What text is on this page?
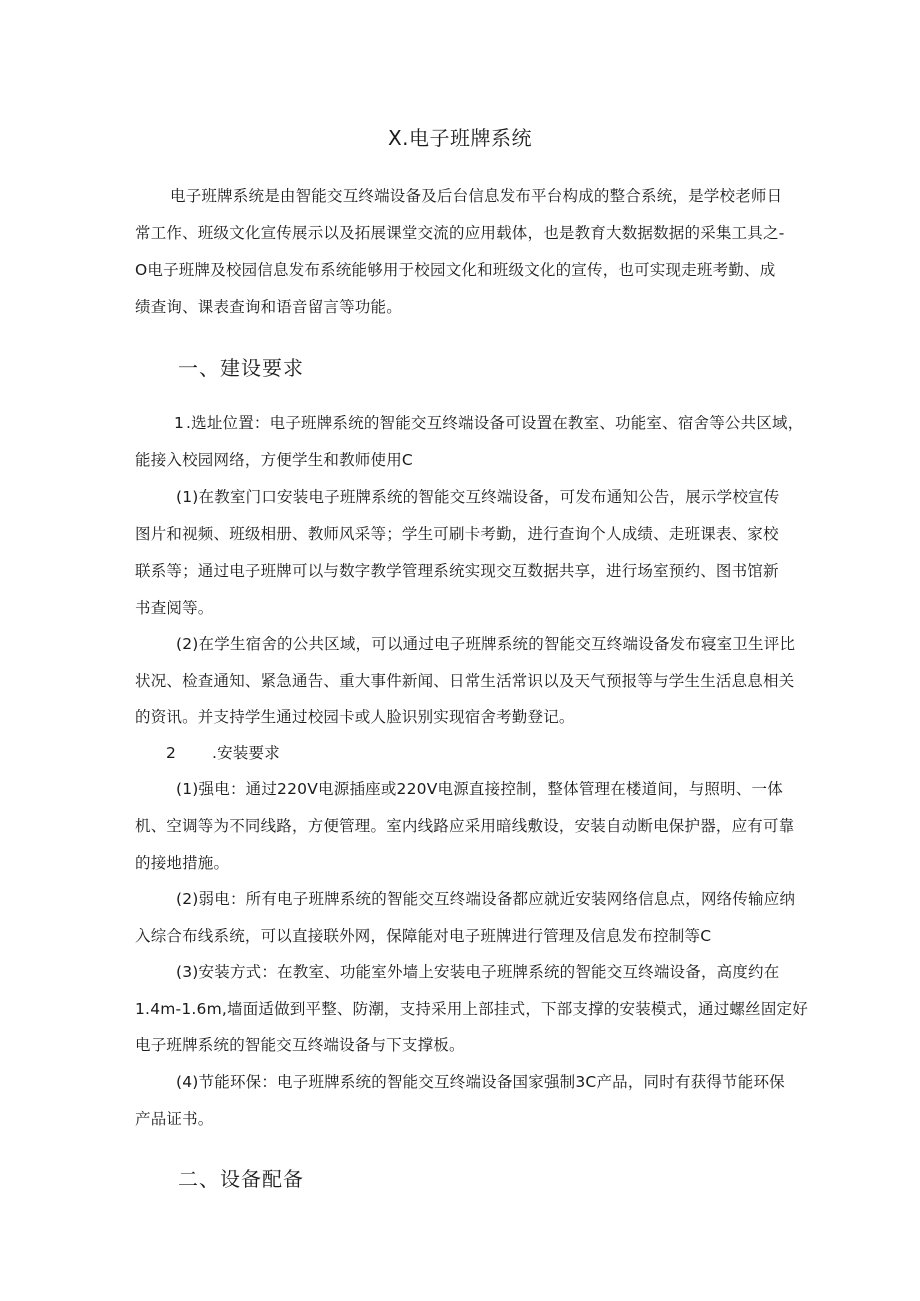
X.电子班牌系统
电子班牌系统是由智能交互终端设备及后台信息发布平台构成的整合系统，是学校老师日
常工作、班级文化宣传展示以及拓展课堂交流的应用载体，也是教育大数据数据的采集工具之-
O电子班牌及校园信息发布系统能够用于校园文化和班级文化的宣传，也可实现走班考勤、成
绩查询、课表查询和语音留言等功能。
一、建设要求
1 .选址位置：电子班牌系统的智能交互终端设备可设置在教室、功能室、宿舍等公共区域，
能接入校园网络，方便学生和教师使用C
(1)在教室门口安装电子班牌系统的智能交互终端设备，可发布通知公告，展示学校宣传
图片和视频、班级相册、教师风采等；学生可刷卡考勤，进行查询个人成绩、走班课表、家校
联系等；通过电子班牌可以与数字教学管理系统实现交互数据共享，进行场室预约、图书馆新
书查阅等。
(2)在学生宿舍的公共区域，可以通过电子班牌系统的智能交互终端设备发布寝室卫生评比
状况、检查通知、紧急通告、重大事件新闻、日常生活常识以及天气预报等与学生生活息息相关
的资讯。并支持学生通过校园卡或人脸识别实现宿舍考勤登记。
2 .安装要求
(1)强电：通过220V电源插座或220V电源直接控制，整体管理在楼道间，与照明、一体
机、空调等为不同线路，方便管理。室内线路应采用暗线敷设，安装自动断电保护器，应有可靠
的接地措施。
(2)弱电：所有电子班牌系统的智能交互终端设备都应就近安装网络信息点，网络传输应纳
入综合布线系统，可以直接联外网，保障能对电子班牌进行管理及信息发布控制等C
(3)安装方式：在教室、功能室外墙上安装电子班牌系统的智能交互终端设备，高度约在
1.4m-1.6m,墙面适做到平整、防潮，支持采用上部挂式，下部支撑的安装模式，通过螺丝固定好
电子班牌系统的智能交互终端设备与下支撑板。
(4)节能环保：电子班牌系统的智能交互终端设备国家强制3C产品，同时有获得节能环保
产品证书。
二、设备配备
